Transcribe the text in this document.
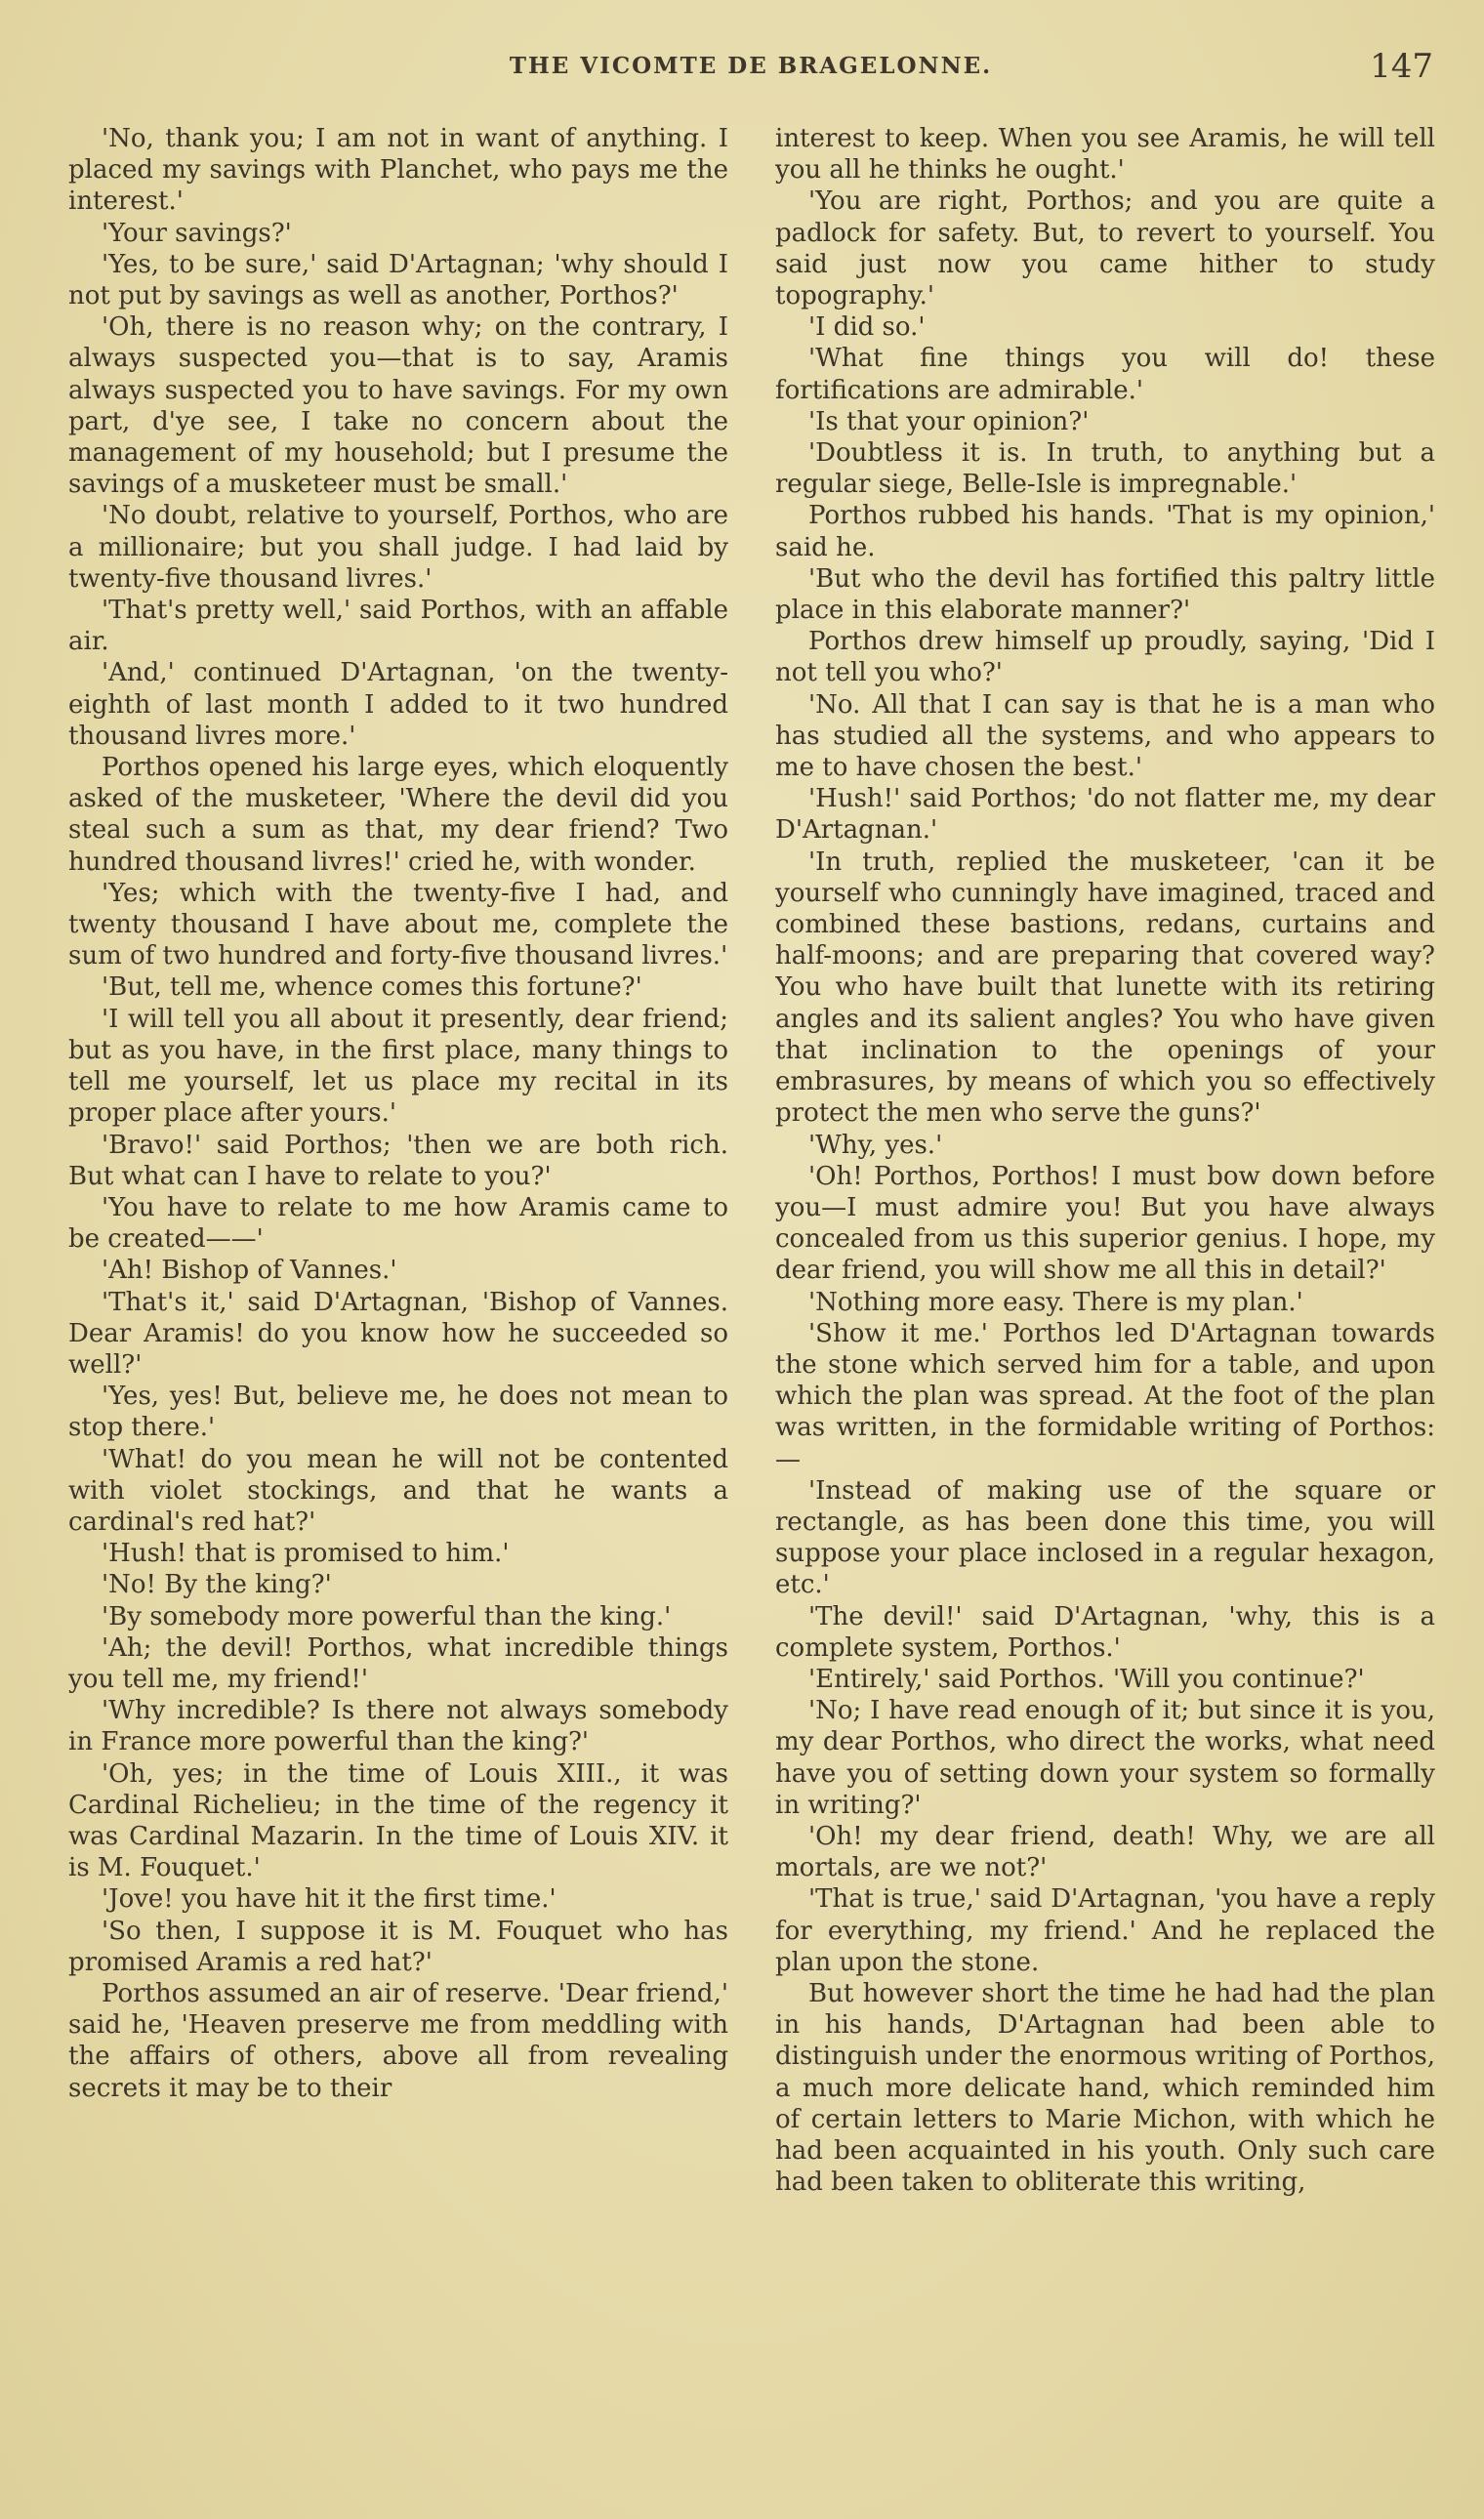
THE VICOMTE DE BRAGELONNE.	147

'No, thank you; I am not in want of anything. I placed my savings with Planchet, who pays me the interest.'

'Your savings?'

'Yes, to be sure,' said D'Artagnan; 'why should I not put by savings as well as another, Porthos?'

'Oh, there is no reason why; on the contrary, I always suspected you—that is to say, Aramis always suspected you to have savings. For my own part, d'ye see, I take no concern about the management of my household; but I presume the savings of a musketeer must be small.'

'No doubt, relative to yourself, Porthos, who are a millionaire; but you shall judge. I had laid by twenty-five thousand livres.'

'That's pretty well,' said Porthos, with an affable air.

'And,' continued D'Artagnan, 'on the twenty-eighth of last month I added to it two hundred thousand livres more.'

Porthos opened his large eyes, which eloquently asked of the musketeer, 'Where the devil did you steal such a sum as that, my dear friend? Two hundred thousand livres!' cried he, with wonder.

'Yes; which with the twenty-five I had, and twenty thousand I have about me, complete the sum of two hundred and forty-five thousand livres.'

'But, tell me, whence comes this fortune?'

'I will tell you all about it presently, dear friend; but as you have, in the first place, many things to tell me yourself, let us place my recital in its proper place after yours.'

'Bravo!' said Porthos; 'then we are both rich. But what can I have to relate to you?'

'You have to relate to me how Aramis came to be created——'

'Ah! Bishop of Vannes.'

'That's it,' said D'Artagnan, 'Bishop of Vannes. Dear Aramis! do you know how he succeeded so well?'

'Yes, yes! But, believe me, he does not mean to stop there.'

'What! do you mean he will not be contented with violet stockings, and that he wants a cardinal's red hat?'

'Hush! that is promised to him.'

'No! By the king?'

'By somebody more powerful than the king.'

'Ah; the devil! Porthos, what incredible things you tell me, my friend!'

'Why incredible? Is there not always somebody in France more powerful than the king?'

'Oh, yes; in the time of Louis XIII., it was Cardinal Richelieu; in the time of the regency it was Cardinal Mazarin. In the time of Louis XIV. it is M. Fouquet.'

'Jove! you have hit it the first time.'

'So then, I suppose it is M. Fouquet who has promised Aramis a red hat?'

Porthos assumed an air of reserve. 'Dear friend,' said he, 'Heaven preserve me from meddling with the affairs of others, above all from revealing secrets it may be to their

interest to keep. When you see Aramis, he will tell you all he thinks he ought.'

'You are right, Porthos; and you are quite a padlock for safety. But, to revert to yourself. You said just now you came hither to study topography.'

'I did so.'

'What fine things you will do! these fortifications are admirable.'

'Is that your opinion?'

'Doubtless it is. In truth, to anything but a regular siege, Belle-Isle is impregnable.'

Porthos rubbed his hands. 'That is my opinion,' said he.

'But who the devil has fortified this paltry little place in this elaborate manner?'

Porthos drew himself up proudly, saying, 'Did I not tell you who?'

'No. All that I can say is that he is a man who has studied all the systems, and who appears to me to have chosen the best.'

'Hush!' said Porthos; 'do not flatter me, my dear D'Artagnan.'

'In truth, replied the musketeer, 'can it be yourself who cunningly have imagined, traced and combined these bastions, redans, curtains and half-moons; and are preparing that covered way? You who have built that lunette with its retiring angles and its salient angles? You who have given that inclination to the openings of your embrasures, by means of which you so effectively protect the men who serve the guns?'

'Why, yes.'

'Oh! Porthos, Porthos! I must bow down before you—I must admire you! But you have always concealed from us this superior genius. I hope, my dear friend, you will show me all this in detail?'

'Nothing more easy. There is my plan.'

'Show it me.' Porthos led D'Artagnan towards the stone which served him for a table, and upon which the plan was spread. At the foot of the plan was written, in the formidable writing of Porthos:—

'Instead of making use of the square or rectangle, as has been done this time, you will suppose your place inclosed in a regular hexagon, etc.'

'The devil!' said D'Artagnan, 'why, this is a complete system, Porthos.'

'Entirely,' said Porthos. 'Will you continue?'

'No; I have read enough of it; but since it is you, my dear Porthos, who direct the works, what need have you of setting down your system so formally in writing?'

'Oh! my dear friend, death! Why, we are all mortals, are we not?'

'That is true,' said D'Artagnan, 'you have a reply for everything, my friend.' And he replaced the plan upon the stone.

But however short the time he had had the plan in his hands, D'Artagnan had been able to distinguish under the enormous writing of Porthos, a much more delicate hand, which reminded him of certain letters to Marie Michon, with which he had been acquainted in his youth. Only such care had been taken to obliterate this writing,
